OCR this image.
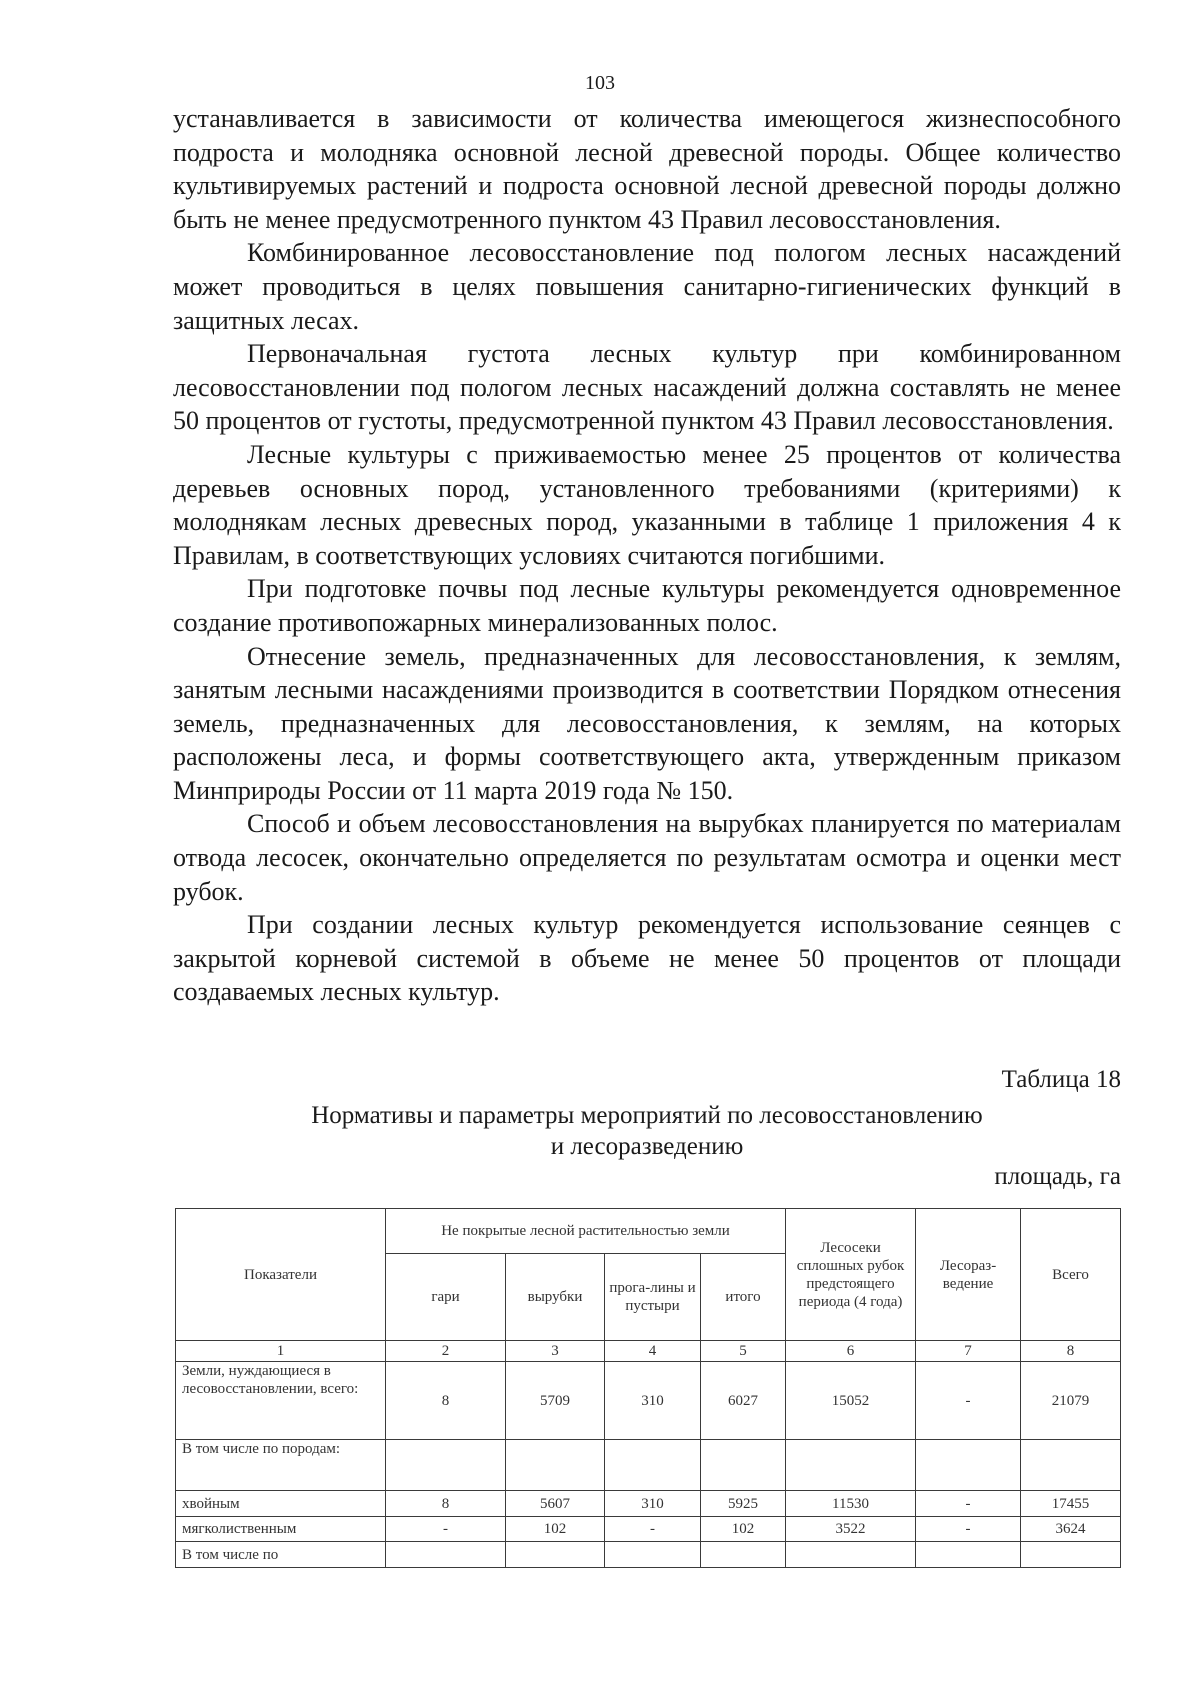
103

устанавливается в зависимости от количества имеющегося жизнеспособного подроста и молодняка основной лесной древесной породы. Общее количество культивируемых растений и подроста основной лесной древесной породы должно быть не менее предусмотренного пунктом 43 Правил лесовосстановления.

Комбинированное лесовосстановление под пологом лесных насаждений может проводиться в целях повышения санитарно-гигиенических функций в защитных лесах.

Первоначальная густота лесных культур при комбинированном лесовосстановлении под пологом лесных насаждений должна составлять не менее 50 процентов от густоты, предусмотренной пунктом 43 Правил лесовосстановления.

Лесные культуры с приживаемостью менее 25 процентов от количества деревьев основных пород, установленного требованиями (критериями) к молоднякам лесных древесных пород, указанными в таблице 1 приложения 4 к Правилам, в соответствующих условиях считаются погибшими.

При подготовке почвы под лесные культуры рекомендуется одновременное создание противопожарных минерализованных полос.

Отнесение земель, предназначенных для лесовосстановления, к землям, занятым лесными насаждениями производится в соответствии Порядком отнесения земель, предназначенных для лесовосстановления, к землям, на которых расположены леса, и формы соответствующего акта, утвержденным приказом Минприроды России от 11 марта 2019 года № 150.

Способ и объем лесовосстановления на вырубках планируется по материалам отвода лесосек, окончательно определяется по результатам осмотра и оценки мест рубок.

При создании лесных культур рекомендуется использование сеянцев с закрытой корневой системой в объеме не менее 50 процентов от площади создаваемых лесных культур.

Таблица 18
Нормативы и параметры мероприятий по лесовосстановлению
и лесоразведению
площадь, га
Показатели	Не покрытые лесной растительностью земли				Лесосеки сплошных рубок предстоящего периода (4 года)	Лесораз-ведение	Всего
	гари	вырубки	прога-лины и пустыри	итого			
1	2	3	4	5	6	7	8
Земли, нуждающиеся в лесовосстановлении, всего:	8	5709	310	6027	15052	-	21079
В том числе по породам:							
хвойным	8	5607	310	5925	11530	-	17455
мягколиственным	-	102	-	102	3522	-	3624
В том числе по							
